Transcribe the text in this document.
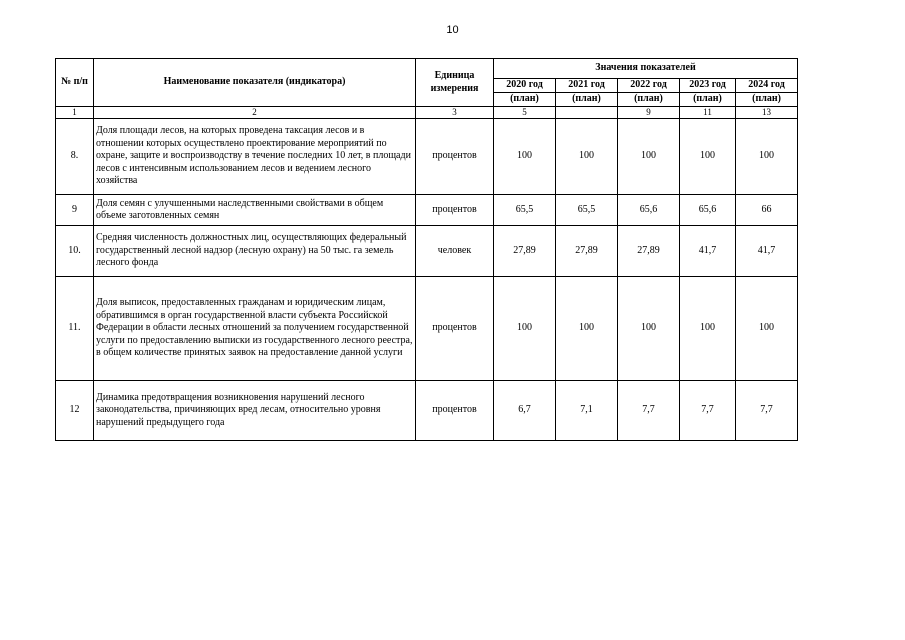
10
№ п/п	Наименование показателя (индикатора)	Единица измерения	Значения показателей				
			2020 год	2021 год	2022 год	2023 год	2024 год
			(план)	(план)	(план)	(план)	(план)
1	2	3	5		9	11	13
8.	Доля площади лесов, на которых проведена таксация лесов и в отношении которых осуществлено проектирование мероприятий по охране, защите и воспроизводству в течение последних 10 лет, в площади лесов с интенсивным использованием лесов и ведением лесного хозяйства	процентов	100	100	100	100	100
9	Доля семян с улучшенными наследственными свойствами в общем объеме заготовленных семян	процентов	65,5	65,5	65,6	65,6	66
10.	Средняя численность должностных лиц, осуществляющих федеральный государственный лесной надзор (лесную охрану) на 50 тыс. га земель лесного фонда	человек	27,89	27,89	27,89	41,7	41,7
11.	Доля выписок, предоставленных гражданам и юридическим лицам, обратившимся в орган государственной власти субъекта Российской Федерации в области лесных отношений за получением государственной услуги по предоставлению выписки из государственного лесного реестра, в общем количестве принятых заявок на предоставление данной услуги	процентов	100	100	100	100	100
12	Динамика предотвращения возникновения нарушений лесного законодательства, причиняющих вред лесам, относительно уровня нарушений предыдущего года	процентов	6,7	7,1	7,7	7,7	7,7
